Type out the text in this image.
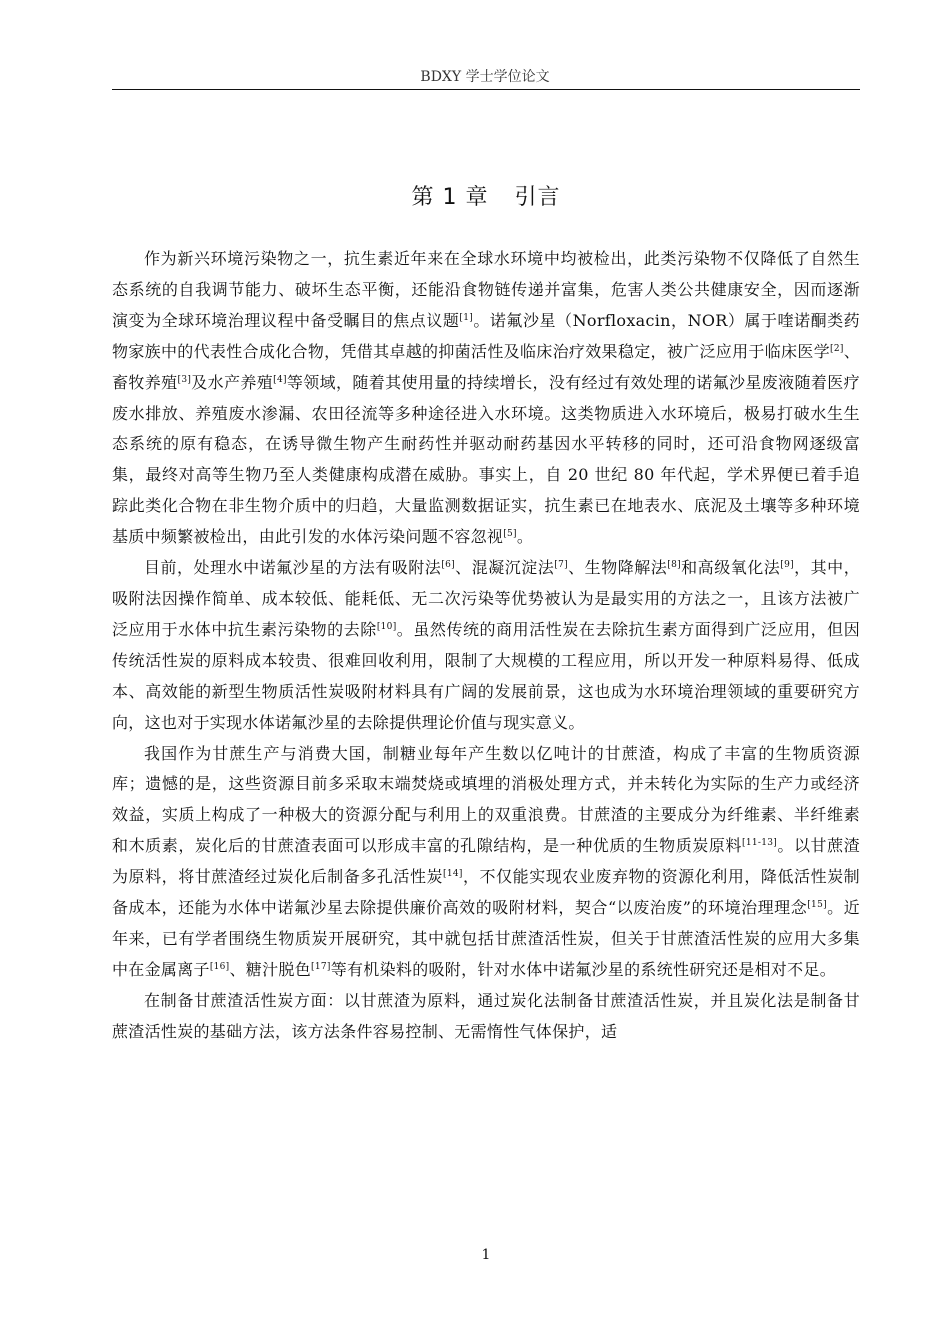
BDXY 学士学位论文
第 1 章 引言

作为新兴环境污染物之一，抗生素近年来在全球水环境中均被检出，此类污染物不仅降低了自然生态系统的自我调节能力、破坏生态平衡，还能沿食物链传递并富集，危害人类公共健康安全，因而逐渐演变为全球环境治理议程中备受瞩目的焦点议题[1]。诺氟沙星（Norfloxacin，NOR）属于喹诺酮类药物家族中的代表性合成化合物，凭借其卓越的抑菌活性及临床治疗效果稳定，被广泛应用于临床医学[2]、畜牧养殖[3]及水产养殖[4]等领域，随着其使用量的持续增长，没有经过有效处理的诺氟沙星废液随着医疗废水排放、养殖废水渗漏、农田径流等多种途径进入水环境。这类物质进入水环境后，极易打破水生生态系统的原有稳态，在诱导微生物产生耐药性并驱动耐药基因水平转移的同时，还可沿食物网逐级富集，最终对高等生物乃至人类健康构成潜在威胁。事实上，自 20 世纪 80 年代起，学术界便已着手追踪此类化合物在非生物介质中的归趋，大量监测数据证实，抗生素已在地表水、底泥及土壤等多种环境基质中频繁被检出，由此引发的水体污染问题不容忽视[5]。

目前，处理水中诺氟沙星的方法有吸附法[6]、混凝沉淀法[7]、生物降解法[8]和高级氧化法[9]，其中，吸附法因操作简单、成本较低、能耗低、无二次污染等优势被认为是最实用的方法之一，且该方法被广泛应用于水体中抗生素污染物的去除[10]。虽然传统的商用活性炭在去除抗生素方面得到广泛应用，但因传统活性炭的原料成本较贵、很难回收利用，限制了大规模的工程应用，所以开发一种原料易得、低成本、高效能的新型生物质活性炭吸附材料具有广阔的发展前景，这也成为水环境治理领域的重要研究方向，这也对于实现水体诺氟沙星的去除提供理论价值与现实意义。

我国作为甘蔗生产与消费大国，制糖业每年产生数以亿吨计的甘蔗渣，构成了丰富的生物质资源库；遗憾的是，这些资源目前多采取末端焚烧或填埋的消极处理方式，并未转化为实际的生产力或经济效益，实质上构成了一种极大的资源分配与利用上的双重浪费。甘蔗渣的主要成分为纤维素、半纤维素和木质素，炭化后的甘蔗渣表面可以形成丰富的孔隙结构，是一种优质的生物质炭原料[11-13]。以甘蔗渣为原料，将甘蔗渣经过炭化后制备多孔活性炭[14]，不仅能实现农业废弃物的资源化利用，降低活性炭制备成本，还能为水体中诺氟沙星去除提供廉价高效的吸附材料，契合“以废治废”的环境治理理念[15]。近年来，已有学者围绕生物质炭开展研究，其中就包括甘蔗渣活性炭，但关于甘蔗渣活性炭的应用大多集中在金属离子[16]、糖汁脱色[17]等有机染料的吸附，针对水体中诺氟沙星的系统性研究还是相对不足。

在制备甘蔗渣活性炭方面：以甘蔗渣为原料，通过炭化法制备甘蔗渣活性炭，并且炭化法是制备甘蔗渣活性炭的基础方法，该方法条件容易控制、无需惰性气体保护，适

1
